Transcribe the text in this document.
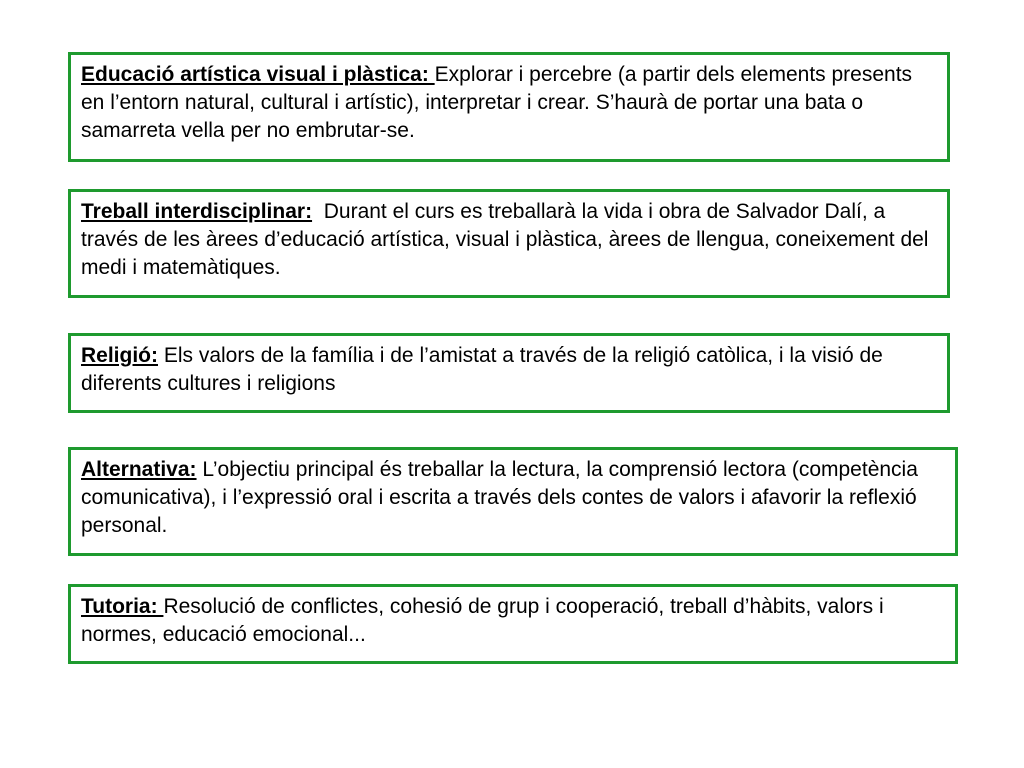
Educació artística visual i plàstica: Explorar i percebre (a partir dels elements presents en l’entorn natural, cultural i artístic), interpretar i crear. S’haurà de portar una bata o samarreta vella per no embrutar-se.
Treball interdisciplinar:  Durant el curs es treballarà la vida i obra de Salvador Dalí, a través de les àrees d’educació artística, visual i plàstica, àrees de llengua, coneixement del medi i matemàtiques.
Religió: Els valors de la família i de l’amistat a través de la religió catòlica, i la visió de diferents cultures i religions
Alternativa: L’objectiu principal és treballar la lectura, la comprensió lectora (competència comunicativa), i l’expressió oral i escrita a través dels contes de valors i afavorir la reflexió personal.
Tutoria: Resolució de conflictes, cohesió de grup i cooperació, treball d’hàbits, valors i normes, educació emocional...
